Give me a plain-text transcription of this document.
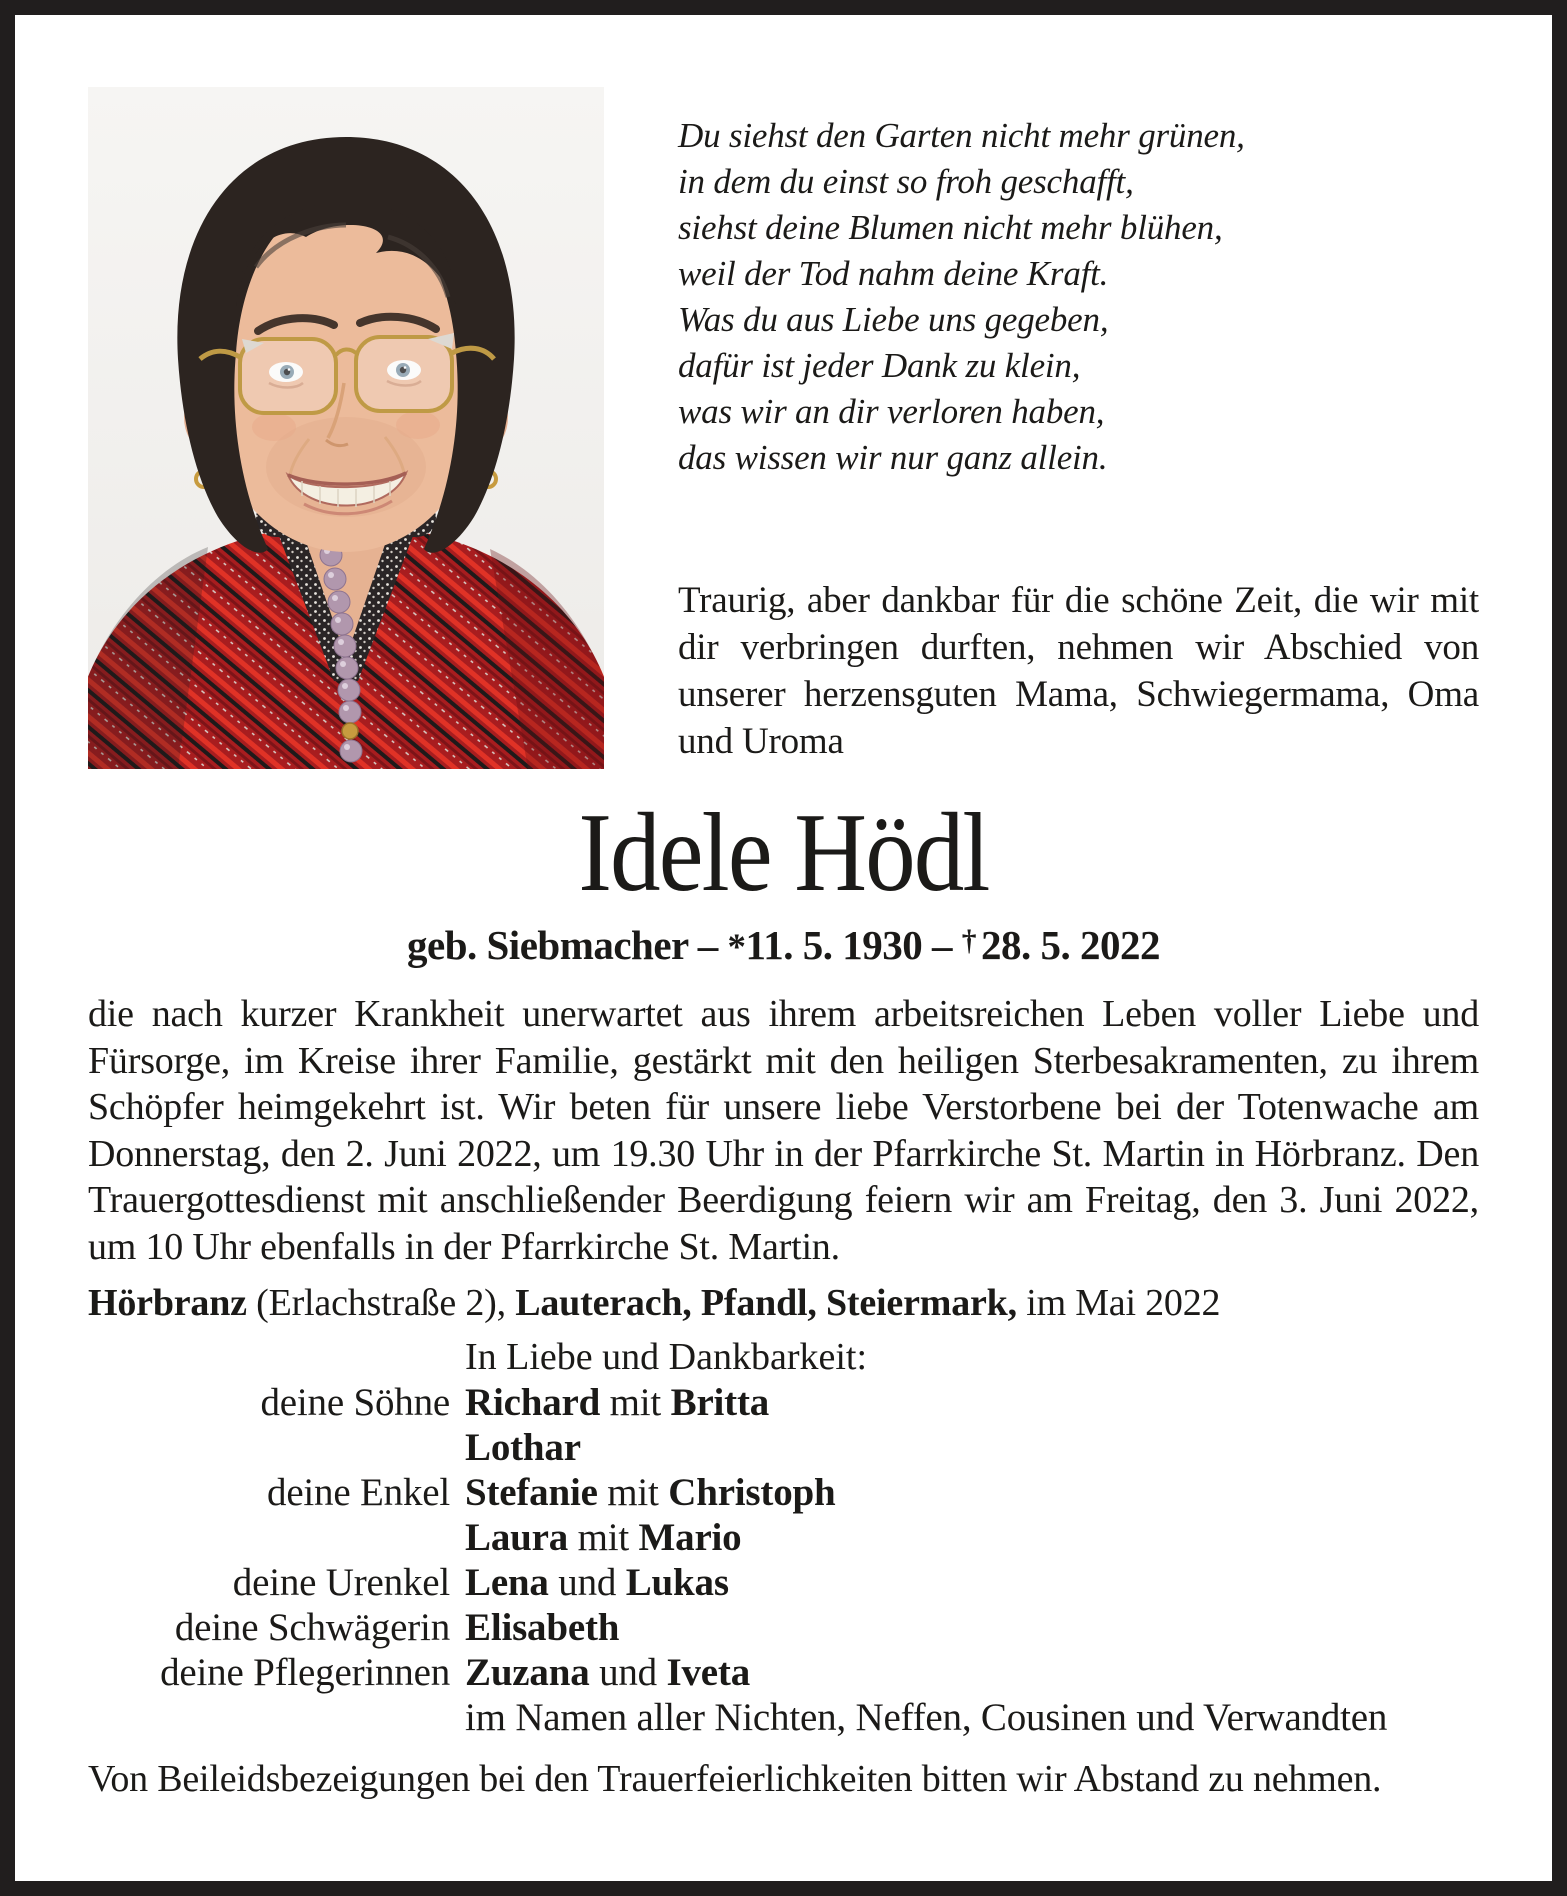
Du siehst den Garten nicht mehr grünen,
in dem du einst so froh geschafft,
siehst deine Blumen nicht mehr blühen,
weil der Tod nahm deine Kraft.
Was du aus Liebe uns gegeben,
dafür ist jeder Dank zu klein,
was wir an dir verloren haben,
das wissen wir nur ganz allein.

Traurig, aber dankbar für die schöne Zeit, die wir mit dir verbringen durften, nehmen wir Abschied von unserer herzensguten Mama, Schwiegermama, Oma und Uroma

Idele Hödl
geb. Siebmacher – *11. 5. 1930 – † 28. 5. 2022

die nach kurzer Krankheit unerwartet aus ihrem arbeitsreichen Leben voller Liebe und Fürsorge, im Kreise ihrer Familie, gestärkt mit den heiligen Sterbesakramenten, zu ihrem Schöpfer heimgekehrt ist. Wir beten für unsere liebe Verstorbene bei der Totenwache am Donnerstag, den 2. Juni 2022, um 19.30 Uhr in der Pfarrkirche St. Martin in Hörbranz. Den Trauergottesdienst mit anschließender Beerdigung feiern wir am Freitag, den 3. Juni 2022, um 10 Uhr ebenfalls in der Pfarrkirche St. Martin.

Hörbranz (Erlachstraße 2), Lauterach, Pfandl, Steiermark, im Mai 2022

In Liebe und Dankbarkeit:
deine Söhne Richard mit Britta
Lothar
deine Enkel Stefanie mit Christoph
Laura mit Mario
deine Urenkel Lena und Lukas
deine Schwägerin Elisabeth
deine Pflegerinnen Zuzana und Iveta
im Namen aller Nichten, Neffen, Cousinen und Verwandten

Von Beileidsbezeigungen bei den Trauerfeierlichkeiten bitten wir Abstand zu nehmen.
